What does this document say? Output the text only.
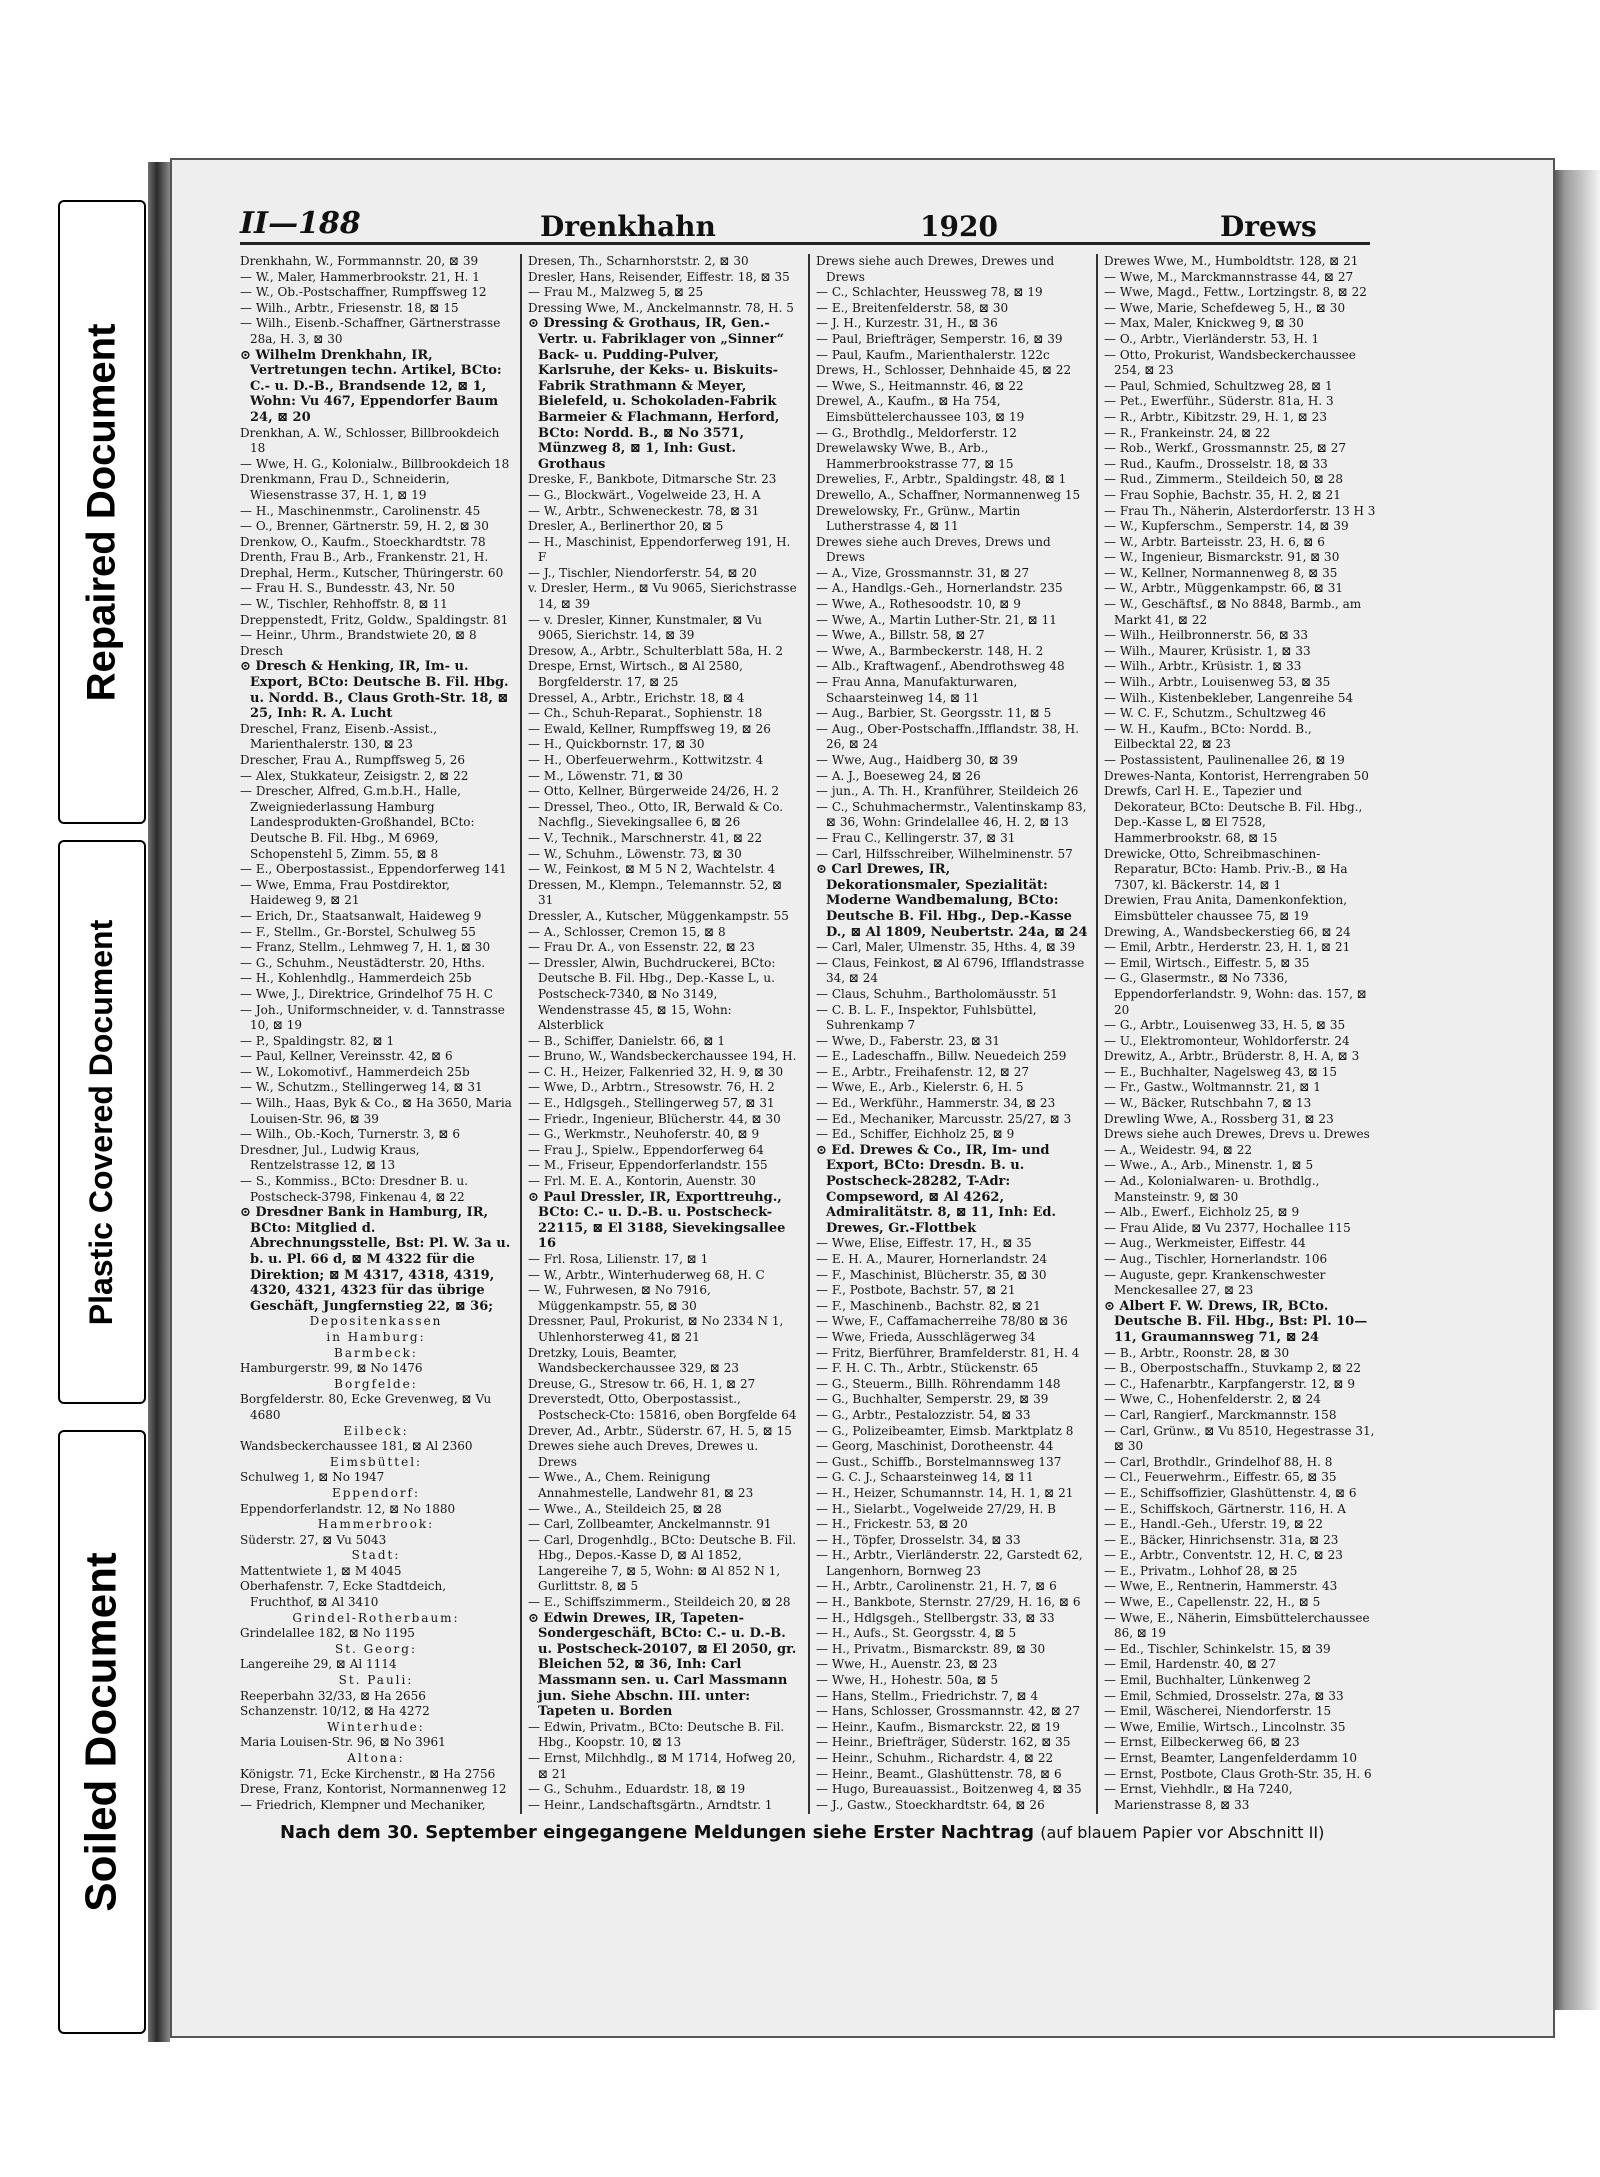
Repaired Document
Plastic Covered Document
Soiled Document
II—188	Drenkhahn	1920	Drews

Drenkhahn, W., Formmannstr. 20, ⊠ 39

— W., Maler, Hammerbrookstr. 21, H. 1

— W., Ob.-Postschaffner, Rumpffsweg 12

— Wilh., Arbtr., Friesenstr. 18, ⊠ 15

— Wilh., Eisenb.-Schaffner, Gärtnerstrasse 28a, H. 3, ⊠ 30

⊙ Wilhelm Drenkhahn, IR, Vertretungen techn. Artikel, BCto: C.- u. D.-B., Brandsende 12, ⊠ 1, Wohn: Vu 467, Eppendorfer Baum 24, ⊠ 20

Drenkhan, A. W., Schlosser, Billbrookdeich 18

— Wwe, H. G., Kolonialw., Billbrookdeich 18

Drenkmann, Frau D., Schneiderin, Wiesenstrasse 37, H. 1, ⊠ 19

— H., Maschinenmstr., Carolinenstr. 45

— O., Brenner, Gärtnerstr. 59, H. 2, ⊠ 30

Drenkow, O., Kaufm., Stoeckhardtstr. 78

Drenth, Frau B., Arb., Frankenstr. 21, H.

Drephal, Herm., Kutscher, Thüringerstr. 60

— Frau H. S., Bundesstr. 43, Nr. 50

— W., Tischler, Rehhoffstr. 8, ⊠ 11

Dreppenstedt, Fritz, Goldw., Spaldingstr. 81

— Heinr., Uhrm., Brandstwiete 20, ⊠ 8

Dresch

⊙ Dresch & Henking, IR, Im- u. Export, BCto: Deutsche B. Fil. Hbg. u. Nordd. B., Claus Groth-Str. 18, ⊠ 25, Inh: R. A. Lucht

Dreschel, Franz, Eisenb.-Assist., Marienthalerstr. 130, ⊠ 23

Drescher, Frau A., Rumpffsweg 5, 26

— Alex, Stukkateur, Zeisigstr. 2, ⊠ 22

— Drescher, Alfred, G.m.b.H., Halle, Zweigniederlassung Hamburg Landesprodukten-Großhandel, BCto: Deutsche B. Fil. Hbg., M 6969, Schopenstehl 5, Zimm. 55, ⊠ 8

— E., Oberpostassist., Eppendorferweg 141

— Wwe, Emma, Frau Postdirektor, Haideweg 9, ⊠ 21

— Erich, Dr., Staatsanwalt, Haideweg 9

— F., Stellm., Gr.-Borstel, Schulweg 55

— Franz, Stellm., Lehmweg 7, H. 1, ⊠ 30

— G., Schuhm., Neustädterstr. 20, Hths.

— H., Kohlenhdlg., Hammerdeich 25b

— Wwe, J., Direktrice, Grindelhof 75 H. C

— Joh., Uniformschneider, v. d. Tannstrasse 10, ⊠ 19

— P., Spaldingstr. 82, ⊠ 1

— Paul, Kellner, Vereinsstr. 42, ⊠ 6

— W., Lokomotivf., Hammerdeich 25b

— W., Schutzm., Stellingerweg 14, ⊠ 31

— Wilh., Haas, Byk & Co., ⊠ Ha 3650, Maria Louisen-Str. 96, ⊠ 39

— Wilh., Ob.-Koch, Turnerstr. 3, ⊠ 6

Dresdner, Jul., Ludwig Kraus, Rentzelstrasse 12, ⊠ 13

— S., Kommiss., BCto: Dresdner B. u. Postscheck-3798, Finkenau 4, ⊠ 22

⊙ Dresdner Bank in Hamburg, IR, BCto: Mitglied d. Abrechnungsstelle, Bst: Pl. W. 3a u. b. u. Pl. 66 d, ⊠ M 4322 für die Direktion; ⊠ M 4317, 4318, 4319, 4320, 4321, 4323 für das übrige Geschäft, Jungfernstieg 22, ⊠ 36;

Depositenkassen

in Hamburg:

Barmbeck:

Hamburgerstr. 99, ⊠ No 1476

Borgfelde:

Borgfelderstr. 80, Ecke Grevenweg, ⊠ Vu 4680

Eilbeck:

Wandsbeckerchaussee 181, ⊠ Al 2360

Eimsbüttel:

Schulweg 1, ⊠ No 1947

Eppendorf:

Eppendorferlandstr. 12, ⊠ No 1880

Hammerbrook:

Süderstr. 27, ⊠ Vu 5043

Stadt:

Mattentwiete 1, ⊠ M 4045

Oberhafenstr. 7, Ecke Stadtdeich, Fruchthof, ⊠ Al 3410

Grindel-Rotherbaum:

Grindelallee 182, ⊠ No 1195

St. Georg:

Langereihe 29, ⊠ Al 1114

St. Pauli:

Reeperbahn 32/33, ⊠ Ha 2656

Schanzenstr. 10/12, ⊠ Ha 4272

Winterhude:

Maria Louisen-Str. 96, ⊠ No 3961

Altona:

Königstr. 71, Ecke Kirchenstr., ⊠ Ha 2756

Drese, Franz, Kontorist, Normannenweg 12

— Friedrich, Klempner und Mechaniker,

Dresen, Th., Scharnhorststr. 2, ⊠ 30

Dresler, Hans, Reisender, Eiffestr. 18, ⊠ 35

— Frau M., Malzweg 5, ⊠ 25

Dressing Wwe, M., Anckelmannstr. 78, H. 5

⊙ Dressing & Grothaus, IR, Gen.-Vertr. u. Fabriklager von „Sinner“ Back- u. Pudding-Pulver, Karlsruhe, der Keks- u. Biskuits-Fabrik Strathmann & Meyer, Bielefeld, u. Schokoladen-Fabrik Barmeier & Flachmann, Herford, BCto: Nordd. B., ⊠ No 3571, Münzweg 8, ⊠ 1, Inh: Gust. Grothaus

Dreske, F., Bankbote, Ditmarsche Str. 23

— G., Blockwärt., Vogelweide 23, H. A

— W., Arbtr., Schweneckestr. 78, ⊠ 31

Dresler, A., Berlinerthor 20, ⊠ 5

— H., Maschinist, Eppendorferweg 191, H. F

— J., Tischler, Niendorferstr. 54, ⊠ 20

v. Dresler, Herm., ⊠ Vu 9065, Sierichstrasse 14, ⊠ 39

— v. Dresler, Kinner, Kunstmaler, ⊠ Vu 9065, Sierichstr. 14, ⊠ 39

Dresow, A., Arbtr., Schulterblatt 58a, H. 2

Drespe, Ernst, Wirtsch., ⊠ Al 2580, Borgfelderstr. 17, ⊠ 25

Dressel, A., Arbtr., Erichstr. 18, ⊠ 4

— Ch., Schuh-Reparat., Sophienstr. 18

— Ewald, Kellner, Rumpffsweg 19, ⊠ 26

— H., Quickbornstr. 17, ⊠ 30

— H., Oberfeuerwehrm., Kottwitzstr. 4

— M., Löwenstr. 71, ⊠ 30

— Otto, Kellner, Bürgerweide 24/26, H. 2

— Dressel, Theo., Otto, IR, Berwald & Co. Nachflg., Sievekingsallee 6, ⊠ 26

— V., Technik., Marschnerstr. 41, ⊠ 22

— W., Schuhm., Löwenstr. 73, ⊠ 30

— W., Feinkost, ⊠ M 5 N 2, Wachtelstr. 4

Dressen, M., Klempn., Telemannstr. 52, ⊠ 31

Dressler, A., Kutscher, Müggenkampstr. 55

— A., Schlosser, Cremon 15, ⊠ 8

— Frau Dr. A., von Essenstr. 22, ⊠ 23

— Dressler, Alwin, Buchdruckerei, BCto: Deutsche B. Fil. Hbg., Dep.-Kasse L, u. Postscheck-7340, ⊠ No 3149, Wendenstrasse 45, ⊠ 15, Wohn: Alsterblick

— B., Schiffer, Danielstr. 66, ⊠ 1

— Bruno, W., Wandsbeckerchaussee 194, H.

— C. H., Heizer, Falkenried 32, H. 9, ⊠ 30

— Wwe, D., Arbtrn., Stresowstr. 76, H. 2

— E., Hdlgsgeh., Stellingerweg 57, ⊠ 31

— Friedr., Ingenieur, Blücherstr. 44, ⊠ 30

— G., Werkmstr., Neuhoferstr. 40, ⊠ 9

— Frau J., Spielw., Eppendorferweg 64

— M., Friseur, Eppendorferlandstr. 155

— Frl. M. E. A., Kontorin, Auenstr. 30

⊙ Paul Dressler, IR, Exporttreuhg., BCto: C.- u. D.-B. u. Postscheck-22115, ⊠ El 3188, Sievekingsallee 16

— Frl. Rosa, Lilienstr. 17, ⊠ 1

— W., Arbtr., Winterhuderweg 68, H. C

— W., Fuhrwesen, ⊠ No 7916, Müggenkampstr. 55, ⊠ 30

Dressner, Paul, Prokurist, ⊠ No 2334 N 1, Uhlenhorsterweg 41, ⊠ 21

Dretzky, Louis, Beamter, Wandsbeckerchaussee 329, ⊠ 23

Dreuse, G., Stresow tr. 66, H. 1, ⊠ 27

Dreverstedt, Otto, Oberpostassist., Postscheck-Cto: 15816, oben Borgfelde 64

Drever, Ad., Arbtr., Süderstr. 67, H. 5, ⊠ 15

Drewes siehe auch Dreves, Drewes u. Drews

— Wwe., A., Chem. Reinigung Annahmestelle, Landwehr 81, ⊠ 23

— Wwe., A., Steildeich 25, ⊠ 28

— Carl, Zollbeamter, Anckelmannstr. 91

— Carl, Drogenhdlg., BCto: Deutsche B. Fil. Hbg., Depos.-Kasse D, ⊠ Al 1852, Langereihe 7, ⊠ 5, Wohn: ⊠ Al 852 N 1, Gurlittstr. 8, ⊠ 5

— E., Schiffszimmerm., Steildeich 20, ⊠ 28

⊙ Edwin Drewes, IR, Tapeten-Sondergeschäft, BCto: C.- u. D.-B. u. Postscheck-20107, ⊠ El 2050, gr. Bleichen 52, ⊠ 36, Inh: Carl Massmann sen. u. Carl Massmann jun. Siehe Abschn. III. unter: Tapeten u. Borden

— Edwin, Privatm., BCto: Deutsche B. Fil. Hbg., Koopstr. 10, ⊠ 13

— Ernst, Milchhdlg., ⊠ M 1714, Hofweg 20, ⊠ 21

— G., Schuhm., Eduardstr. 18, ⊠ 19

— Heinr., Landschaftsgärtn., Arndtstr. 1

Drews siehe auch Drewes, Drewes und Drews

— C., Schlachter, Heussweg 78, ⊠ 19

— E., Breitenfelderstr. 58, ⊠ 30

— J. H., Kurzestr. 31, H., ⊠ 36

— Paul, Briefträger, Semperstr. 16, ⊠ 39

— Paul, Kaufm., Marienthalerstr. 122c

Drews, H., Schlosser, Dehnhaide 45, ⊠ 22

— Wwe, S., Heitmannstr. 46, ⊠ 22

Drewel, A., Kaufm., ⊠ Ha 754, Eimsbüttelerchaussee 103, ⊠ 19

— G., Brothdlg., Meldorferstr. 12

Drewelawsky Wwe, B., Arb., Hammerbrookstrasse 77, ⊠ 15

Drewelies, F., Arbtr., Spaldingstr. 48, ⊠ 1

Drewello, A., Schaffner, Normannenweg 15

Drewelowsky, Fr., Grünw., Martin Lutherstrasse 4, ⊠ 11

Drewes siehe auch Dreves, Drews und Drews

— A., Vize, Grossmannstr. 31, ⊠ 27

— A., Handlgs.-Geh., Hornerlandstr. 235

— Wwe, A., Rothesoodstr. 10, ⊠ 9

— Wwe, A., Martin Luther-Str. 21, ⊠ 11

— Wwe, A., Billstr. 58, ⊠ 27

— Wwe, A., Barmbeckerstr. 148, H. 2

— Alb., Kraftwagenf., Abendrothsweg 48

— Frau Anna, Manufakturwaren, Schaarsteinweg 14, ⊠ 11

— Aug., Barbier, St. Georgsstr. 11, ⊠ 5

— Aug., Ober-Postschaffn.,Ifflandstr. 38, H. 26, ⊠ 24

— Wwe, Aug., Haidberg 30, ⊠ 39

— A. J., Boeseweg 24, ⊠ 26

— jun., A. Th. H., Kranführer, Steildeich 26

— C., Schuhmachermstr., Valentinskamp 83, ⊠ 36, Wohn: Grindelallee 46, H. 2, ⊠ 13

— Frau C., Kellingerstr. 37, ⊠ 31

— Carl, Hilfsschreiber, Wilhelminenstr. 57

⊙ Carl Drewes, IR, Dekorationsmaler, Spezialität: Moderne Wandbemalung, BCto: Deutsche B. Fil. Hbg., Dep.-Kasse D., ⊠ Al 1809, Neubertstr. 24a, ⊠ 24

— Carl, Maler, Ulmenstr. 35, Hths. 4, ⊠ 39

— Claus, Feinkost, ⊠ Al 6796, Ifflandstrasse 34, ⊠ 24

— Claus, Schuhm., Bartholomäusstr. 51

— C. B. L. F., Inspektor, Fuhlsbüttel, Suhrenkamp 7

— Wwe, D., Faberstr. 23, ⊠ 31

— E., Ladeschaffn., Billw. Neuedeich 259

— E., Arbtr., Freihafenstr. 12, ⊠ 27

— Wwe, E., Arb., Kielerstr. 6, H. 5

— Ed., Werkführ., Hammerstr. 34, ⊠ 23

— Ed., Mechaniker, Marcusstr. 25/27, ⊠ 3

— Ed., Schiffer, Eichholz 25, ⊠ 9

⊙ Ed. Drewes & Co., IR, Im- und Export, BCto: Dresdn. B. u. Postscheck-28282, T-Adr: Compseword, ⊠ Al 4262, Admiralitätstr. 8, ⊠ 11, Inh: Ed. Drewes, Gr.-Flottbek

— Wwe, Elise, Eiffestr. 17, H., ⊠ 35

— E. H. A., Maurer, Hornerlandstr. 24

— F., Maschinist, Blücherstr. 35, ⊠ 30

— F., Postbote, Bachstr. 57, ⊠ 21

— F., Maschinenb., Bachstr. 82, ⊠ 21

— Wwe, F., Caffamacherreihe 78/80 ⊠ 36

— Wwe, Frieda, Ausschlägerweg 34

— Fritz, Bierführer, Bramfelderstr. 81, H. 4

— F. H. C. Th., Arbtr., Stückenstr. 65

— G., Steuerm., Billh. Röhrendamm 148

— G., Buchhalter, Semperstr. 29, ⊠ 39

— G., Arbtr., Pestalozzistr. 54, ⊠ 33

— G., Polizeibeamter, Eimsb. Marktplatz 8

— Georg, Maschinist, Dorotheenstr. 44

— Gust., Schiffb., Borstelmannsweg 137

— G. C. J., Schaarsteinweg 14, ⊠ 11

— H., Heizer, Schumannstr. 14, H. 1, ⊠ 21

— H., Sielarbt., Vogelweide 27/29, H. B

— H., Frickestr. 53, ⊠ 20

— H., Töpfer, Drosselstr. 34, ⊠ 33

— H., Arbtr., Vierländerstr. 22, Garstedt 62, Langenhorn, Bornweg 23

— H., Arbtr., Carolinenstr. 21, H. 7, ⊠ 6

— H., Bankbote, Sternstr. 27/29, H. 16, ⊠ 6

— H., Hdlgsgeh., Stellbergstr. 33, ⊠ 33

— H., Aufs., St. Georgsstr. 4, ⊠ 5

— H., Privatm., Bismarckstr. 89, ⊠ 30

— Wwe, H., Auenstr. 23, ⊠ 23

— Wwe, H., Hohestr. 50a, ⊠ 5

— Hans, Stellm., Friedrichstr. 7, ⊠ 4

— Hans, Schlosser, Grossmannstr. 42, ⊠ 27

— Heinr., Kaufm., Bismarckstr. 22, ⊠ 19

— Heinr., Briefträger, Süderstr. 162, ⊠ 35

— Heinr., Schuhm., Richardstr. 4, ⊠ 22

— Heinr., Beamt., Glashüttenstr. 78, ⊠ 6

— Hugo, Bureauassist., Boitzenweg 4, ⊠ 35

— J., Gastw., Stoeckhardtstr. 64, ⊠ 26

Drewes Wwe, M., Humboldtstr. 128, ⊠ 21

— Wwe, M., Marckmannstrasse 44, ⊠ 27

— Wwe, Magd., Fettw., Lortzingstr. 8, ⊠ 22

— Wwe, Marie, Schefdeweg 5, H., ⊠ 30

— Max, Maler, Knickweg 9, ⊠ 30

— O., Arbtr., Vierländerstr. 53, H. 1

— Otto, Prokurist, Wandsbeckerchaussee 254, ⊠ 23

— Paul, Schmied, Schultzweg 28, ⊠ 1

— Pet., Ewerführ., Süderstr. 81a, H. 3

— R., Arbtr., Kibitzstr. 29, H. 1, ⊠ 23

— R., Frankeinstr. 24, ⊠ 22

— Rob., Werkf., Grossmannstr. 25, ⊠ 27

— Rud., Kaufm., Drosselstr. 18, ⊠ 33

— Rud., Zimmerm., Steildeich 50, ⊠ 28

— Frau Sophie, Bachstr. 35, H. 2, ⊠ 21

— Frau Th., Näherin, Alsterdorferstr. 13 H 3

— W., Kupferschm., Semperstr. 14, ⊠ 39

— W., Arbtr. Barteisstr. 23, H. 6, ⊠ 6

— W., Ingenieur, Bismarckstr. 91, ⊠ 30

— W., Kellner, Normannenweg 8, ⊠ 35

— W., Arbtr., Müggenkampstr. 66, ⊠ 31

— W., Geschäftsf., ⊠ No 8848, Barmb., am Markt 41, ⊠ 22

— Wilh., Heilbronnerstr. 56, ⊠ 33

— Wilh., Maurer, Krüsistr. 1, ⊠ 33

— Wilh., Arbtr., Krüsistr. 1, ⊠ 33

— Wilh., Arbtr., Louisenweg 53, ⊠ 35

— Wilh., Kistenbekleber, Langenreihe 54

— W. C. F., Schutzm., Schultzweg 46

— W. H., Kaufm., BCto: Nordd. B., Eilbecktal 22, ⊠ 23

— Postassistent, Paulinenallee 26, ⊠ 19

Drewes-Nanta, Kontorist, Herrengraben 50

Drewfs, Carl H. E., Tapezier und Dekorateur, BCto: Deutsche B. Fil. Hbg., Dep.-Kasse L, ⊠ El 7528, Hammerbrookstr. 68, ⊠ 15

Drewicke, Otto, Schreibmaschinen-Reparatur, BCto: Hamb. Priv.-B., ⊠ Ha 7307, kl. Bäckerstr. 14, ⊠ 1

Drewien, Frau Anita, Damenkonfektion, Eimsbütteler chaussee 75, ⊠ 19

Drewing, A., Wandsbeckerstieg 66, ⊠ 24

— Emil, Arbtr., Herderstr. 23, H. 1, ⊠ 21

— Emil, Wirtsch., Eiffestr. 5, ⊠ 35

— G., Glasermstr., ⊠ No 7336, Eppendorferlandstr. 9, Wohn: das. 157, ⊠ 20

— G., Arbtr., Louisenweg 33, H. 5, ⊠ 35

— U., Elektromonteur, Wohldorferstr. 24

Drewitz, A., Arbtr., Brüderstr. 8, H. A, ⊠ 3

— E., Buchhalter, Nagelsweg 43, ⊠ 15

— Fr., Gastw., Woltmannstr. 21, ⊠ 1

— W., Bäcker, Rutschbahn 7, ⊠ 13

Drewling Wwe, A., Rossberg 31, ⊠ 23

Drews siehe auch Drewes, Drevs u. Drewes

— A., Weidestr. 94, ⊠ 22

— Wwe., A., Arb., Minenstr. 1, ⊠ 5

— Ad., Kolonialwaren- u. Brothdlg., Mansteinstr. 9, ⊠ 30

— Alb., Ewerf., Eichholz 25, ⊠ 9

— Frau Alide, ⊠ Vu 2377, Hochallee 115

— Aug., Werkmeister, Eiffestr. 44

— Aug., Tischler, Hornerlandstr. 106

— Auguste, gepr. Krankenschwester Menckesallee 27, ⊠ 23

⊙ Albert F. W. Drews, IR, BCto. Deutsche B. Fil. Hbg., Bst: Pl. 10—11, Graumannsweg 71, ⊠ 24

— B., Arbtr., Roonstr. 28, ⊠ 30

— B., Oberpostschaffn., Stuvkamp 2, ⊠ 22

— C., Hafenarbtr., Karpfangerstr. 12, ⊠ 9

— Wwe, C., Hohenfelderstr. 2, ⊠ 24

— Carl, Rangierf., Marckmannstr. 158

— Carl, Grünw., ⊠ Vu 8510, Hegestrasse 31, ⊠ 30

— Carl, Brothdlr., Grindelhof 88, H. 8

— Cl., Feuerwehrm., Eiffestr. 65, ⊠ 35

— E., Schiffsoffizier, Glashüttenstr. 4, ⊠ 6

— E., Schiffskoch, Gärtnerstr. 116, H. A

— E., Handl.-Geh., Uferstr. 19, ⊠ 22

— E., Bäcker, Hinrichsenstr. 31a, ⊠ 23

— E., Arbtr., Conventstr. 12, H. C, ⊠ 23

— E., Privatm., Lohhof 28, ⊠ 25

— Wwe, E., Rentnerin, Hammerstr. 43

— Wwe, E., Capellenstr. 22, H., ⊠ 5

— Wwe, E., Näherin, Eimsbüttelerchaussee 86, ⊠ 19

— Ed., Tischler, Schinkelstr. 15, ⊠ 39

— Emil, Hardenstr. 40, ⊠ 27

— Emil, Buchhalter, Lünkenweg 2

— Emil, Schmied, Drosselstr. 27a, ⊠ 33

— Emil, Wäscherei, Niendorferstr. 15

— Wwe, Emilie, Wirtsch., Lincolnstr. 35

— Ernst, Eilbeckerweg 66, ⊠ 23

— Ernst, Beamter, Langenfelderdamm 10

— Ernst, Postbote, Claus Groth-Str. 35, H. 6

— Ernst, Viehhdlr., ⊠ Ha 7240, Marienstrasse 8, ⊠ 33

Nach dem 30. September eingegangene Meldungen siehe Erster Nachtrag (auf blauem Papier vor Abschnitt II)
